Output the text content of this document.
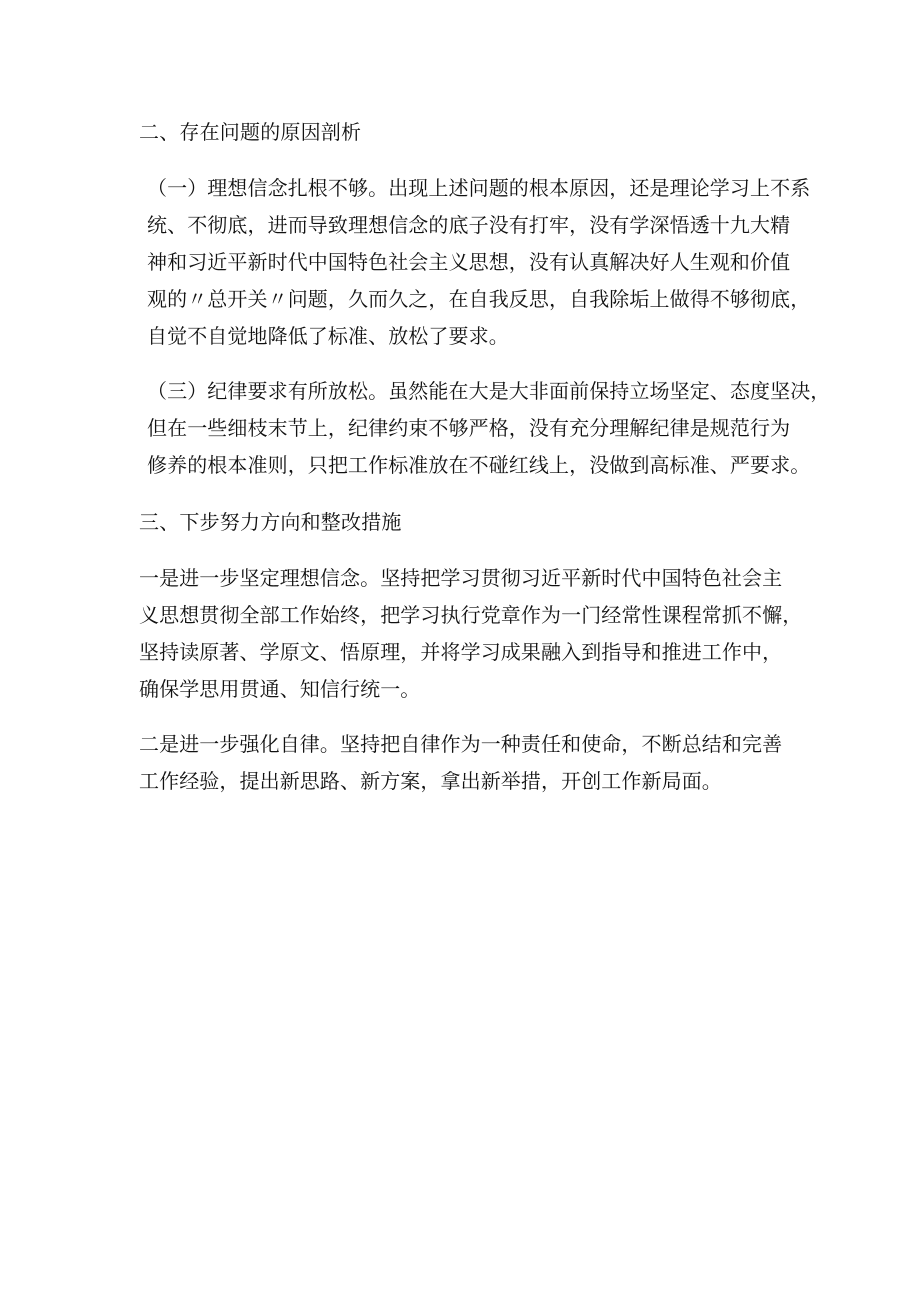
二、存在问题的原因剖析

（一）理想信念扎根不够。出现上述问题的根本原因，还是理论学习上不系
统、不彻底，进而导致理想信念的底子没有打牢，没有学深悟透十九大精
神和习近平新时代中国特色社会主义思想，没有认真解决好人生观和价值
观的〃总开关〃问题，久而久之，在自我反思，自我除垢上做得不够彻底，
自觉不自觉地降低了标准、放松了要求。

（三）纪律要求有所放松。虽然能在大是大非面前保持立场坚定、态度坚决，
但在一些细枝末节上，纪律约束不够严格，没有充分理解纪律是规范行为
修养的根本准则，只把工作标准放在不碰红线上，没做到高标准、严要求。

三、下步努力方向和整改措施

一是进一步坚定理想信念。坚持把学习贯彻习近平新时代中国特色社会主
义思想贯彻全部工作始终，把学习执行党章作为一门经常性课程常抓不懈，
坚持读原著、学原文、悟原理，并将学习成果融入到指导和推进工作中，
确保学思用贯通、知信行统一。

二是进一步强化自律。坚持把自律作为一种责任和使命，不断总结和完善
工作经验，提出新思路、新方案，拿出新举措，开创工作新局面。
